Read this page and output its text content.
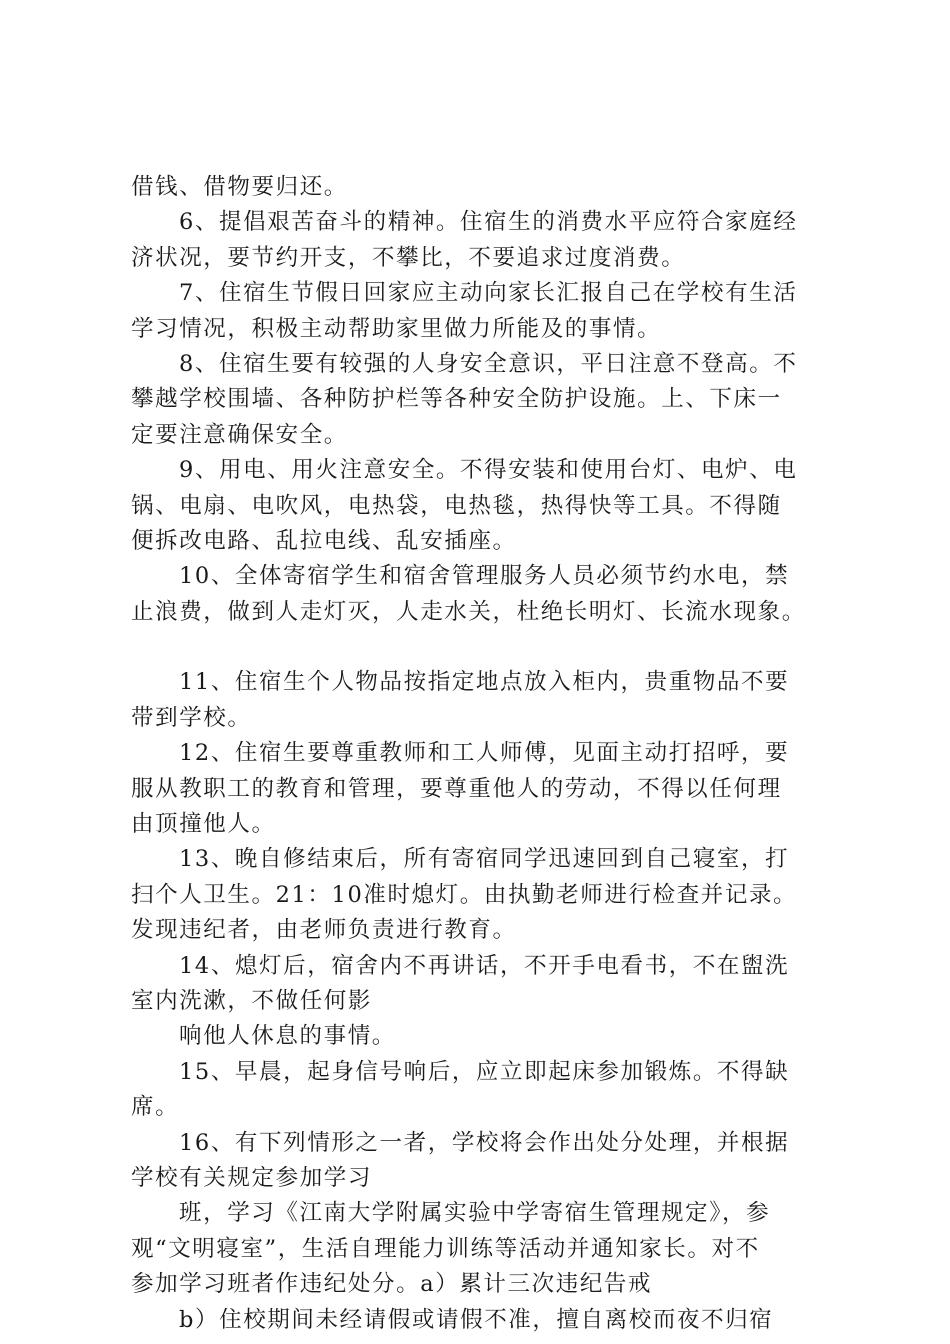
借钱、借物要归还。
6、提倡艰苦奋斗的精神。住宿生的消费水平应符合家庭经
济状况，要节约开支，不攀比，不要追求过度消费。
7、住宿生节假日回家应主动向家长汇报自己在学校有生活
学习情况，积极主动帮助家里做力所能及的事情。
8、住宿生要有较强的人身安全意识，平日注意不登高。不
攀越学校围墙、各种防护栏等各种安全防护设施。上、下床一
定要注意确保安全。
9、用电、用火注意安全。不得安装和使用台灯、电炉、电
锅、电扇、电吹风，电热袋，电热毯，热得快等工具。不得随
便拆改电路、乱拉电线、乱安插座。
10、全体寄宿学生和宿舍管理服务人员必须节约水电，禁
止浪费，做到人走灯灭，人走水关，杜绝长明灯、长流水现象。
11、住宿生个人物品按指定地点放入柜内，贵重物品不要
带到学校。
12、住宿生要尊重教师和工人师傅，见面主动打招呼，要
服从教职工的教育和管理，要尊重他人的劳动，不得以任何理
由顶撞他人。
13、晚自修结束后，所有寄宿同学迅速回到自己寝室，打
扫个人卫生。21：10准时熄灯。由执勤老师进行检查并记录。
发现违纪者，由老师负责进行教育。
14、熄灯后，宿舍内不再讲话，不开手电看书，不在盥洗
室内洗漱，不做任何影
响他人休息的事情。
15、早晨，起身信号响后，应立即起床参加锻炼。不得缺
席。
16、有下列情形之一者，学校将会作出处分处理，并根据
学校有关规定参加学习
班，学习《江南大学附属实验中学寄宿生管理规定》，参
观“文明寝室”，生活自理能力训练等活动并通知家长。对不
参加学习班者作违纪处分。a）累计三次违纪告戒
b）住校期间未经请假或请假不准，擅自离校而夜不归宿
